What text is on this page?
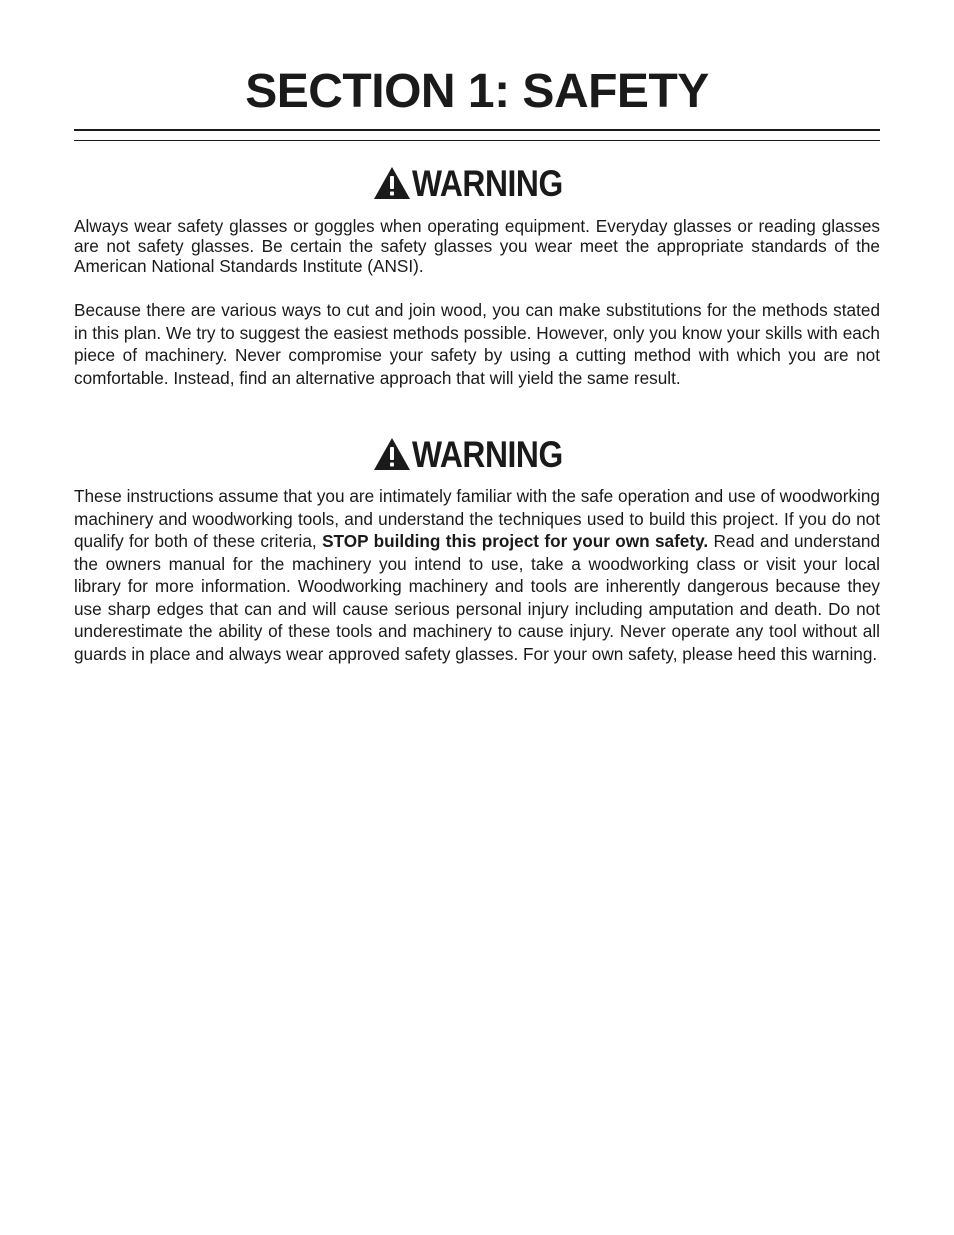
SECTION 1: SAFETY
WARNING

Always wear safety glasses or goggles when operating equipment. Everyday glasses or reading glasses are not safety glasses. Be certain the safety glasses you wear meet the appropriate standards of the American National Standards Institute (ANSI).

Because there are various ways to cut and join wood, you can make substitutions for the methods stated in this plan. We try to suggest the easiest methods possible. However, only you know your skills with each piece of machinery. Never compromise your safety by using a cutting method with which you are not comfortable. Instead, find an alternative approach that will yield the same result.

WARNING

These instructions assume that you are intimately familiar with the safe operation and use of woodworking machinery and woodworking tools, and understand the techniques used to build this project. If you do not qualify for both of these criteria, STOP building this project for your own safety. Read and understand the owners manual for the machinery you intend to use, take a woodworking class or visit your local library for more information. Woodworking machinery and tools are inherently dangerous because they use sharp edges that can and will cause serious personal injury including amputation and death. Do not underestimate the ability of these tools and machinery to cause injury. Never operate any tool without all guards in place and always wear approved safety glasses. For your own safety, please heed this warning.
